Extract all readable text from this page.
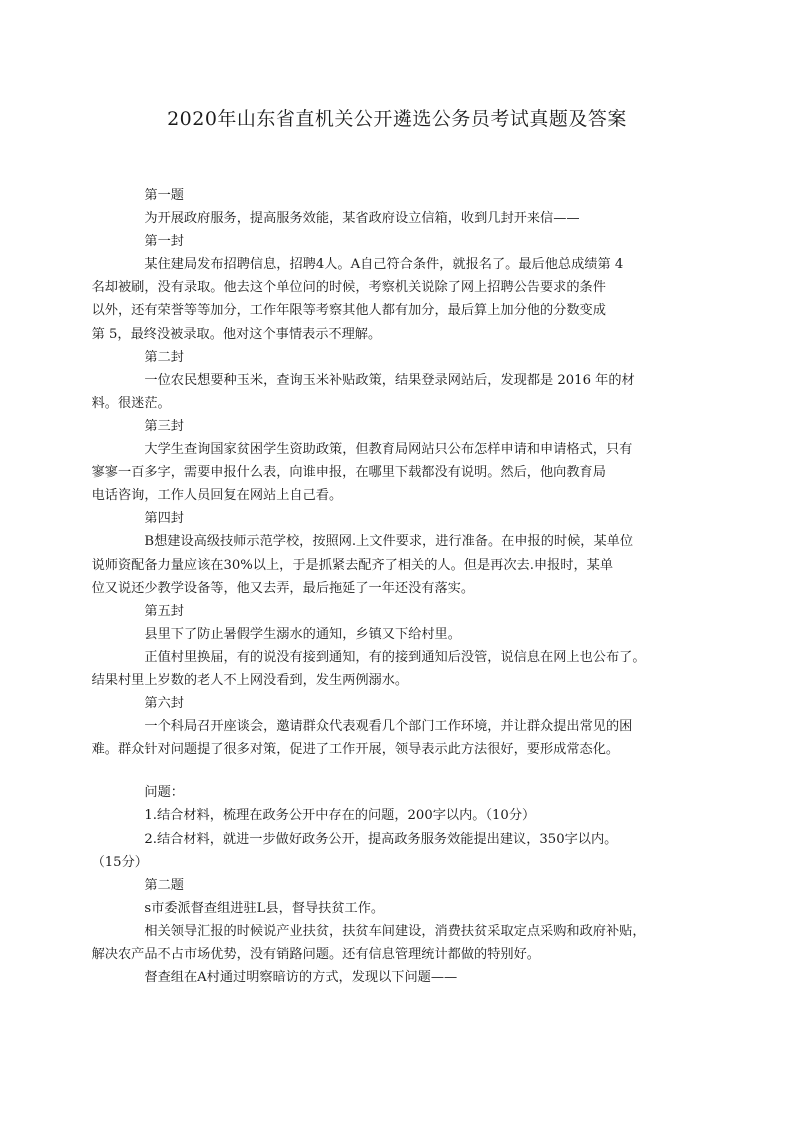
2020年山东省直机关公开遴选公务员考试真题及答案

第一题

为开展政府服务，提高服务效能，某省政府设立信箱，收到几封开来信——

第一封

某住建局发布招聘信息，招聘4人。A自己符合条件，就报名了。最后他总成绩第 4
名却被刷，没有录取。他去这个单位问的时候，考察机关说除了网上招聘公告要求的条件
以外，还有荣誉等等加分，工作年限等考察其他人都有加分，最后算上加分他的分数变成
第 5，最终没被录取。他对这个事情表示不理解。

第二封

一位农民想要种玉米，查询玉米补贴政策，结果登录网站后，发现都是 2016 年的材
料。很迷茫。

第三封

大学生查询国家贫困学生资助政策，但教育局网站只公布怎样申请和申请格式，只有
寥寥一百多字，需要申报什么表，向谁申报，在哪里下载都没有说明。然后，他向教育局
电话咨询，工作人员回复在网站上自己看。

第四封

B想建设高级技师示范学校，按照网.上文件要求，进行准备。在申报的时候，某单位
说师资配备力量应该在30%以上，于是抓紧去配齐了相关的人。但是再次去.申报时，某单
位又说还少教学设备等，他又去弄，最后拖延了一年还没有落实。

第五封

县里下了防止暑假学生溺水的通知，乡镇又下给村里。

正值村里换届，有的说没有接到通知，有的接到通知后没管，说信息在网上也公布了。
结果村里上岁数的老人不上网没看到，发生两例溺水。

第六封

一个科局召开座谈会，邀请群众代表观看几个部门工作环境，并让群众提出常见的困
难。群众针对问题提了很多对策，促进了工作开展，领导表示此方法很好，要形成常态化。

问题：

1.结合材料，梳理在政务公开中存在的问题，200字以内。（10分）

2.结合材料，就进一步做好政务公开，提高政务服务效能提出建议，350字以内。
（15分）

第二题

s市委派督查组进驻L县，督导扶贫工作。

相关领导汇报的时候说产业扶贫，扶贫车间建设，消费扶贫采取定点采购和政府补贴，
解决农产品不占市场优势，没有销路问题。还有信息管理统计都做的特别好。

督查组在A村通过明察暗访的方式，发现以下问题——
